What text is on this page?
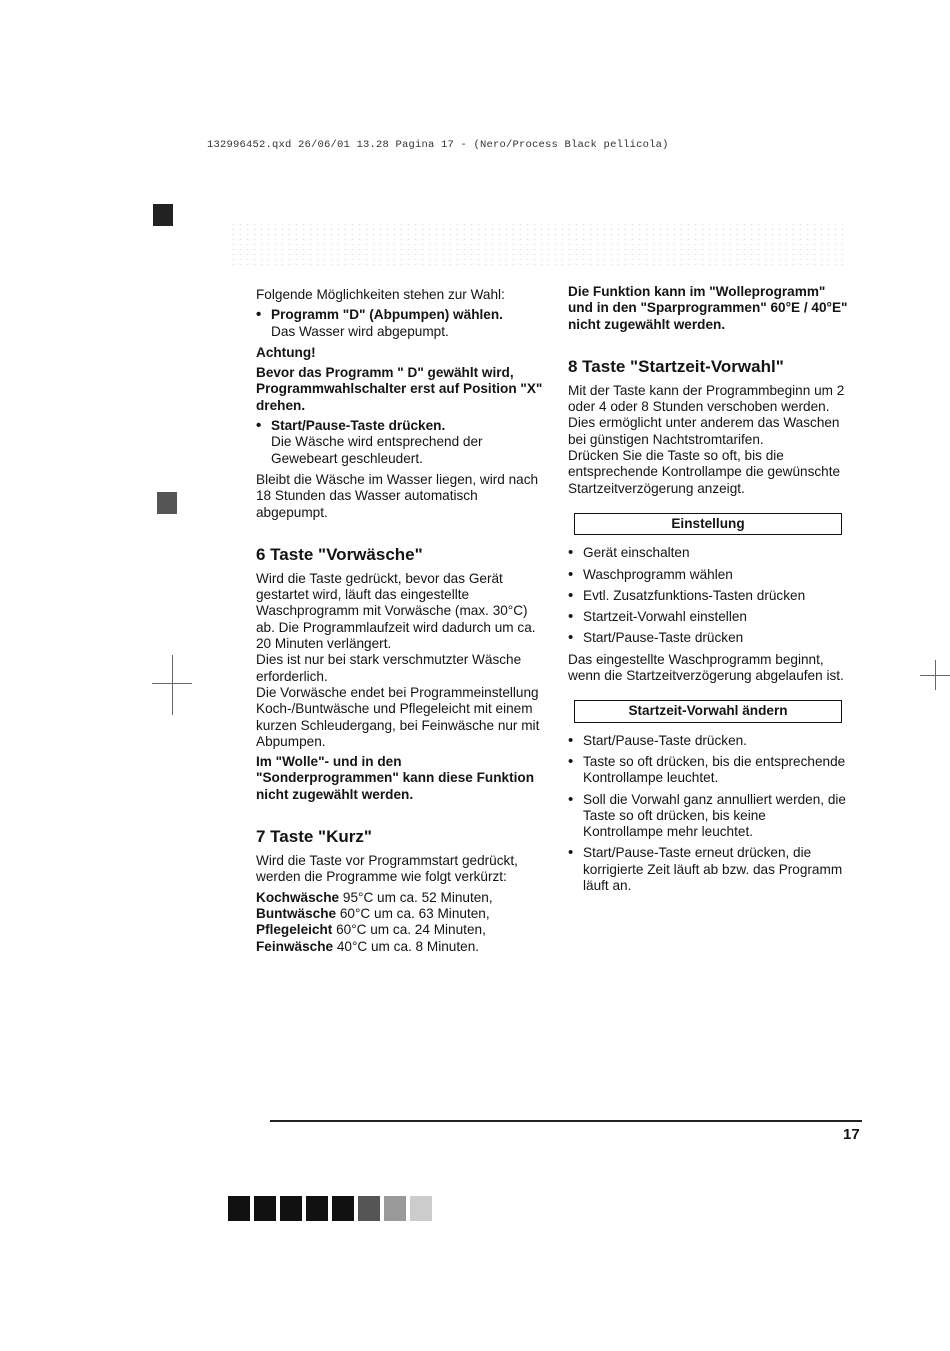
132996452.qxd 26/06/01 13.28 Pagina 17 - (Nero/Process Black pellicola)

Folgende Möglichkeiten stehen zur Wahl:

• Programm "D" (Abpumpen) wählen.
Das Wasser wird abgepumpt.

Achtung!

Bevor das Programm " D" gewählt wird, Programmwahlschalter erst auf Position "X" drehen.

• Start/Pause-Taste drücken.
Die Wäsche wird entsprechend der Gewebeart geschleudert.

Bleibt die Wäsche im Wasser liegen, wird nach 18 Stunden das Wasser automatisch abgepumpt.

6 Taste "Vorwäsche"

Wird die Taste gedrückt, bevor das Gerät gestartet wird, läuft das eingestellte Waschprogramm mit Vorwäsche (max. 30°C) ab. Die Programmlaufzeit wird dadurch um ca. 20 Minuten verlängert.

Dies ist nur bei stark verschmutzter Wäsche erforderlich.

Die Vorwäsche endet bei Programmeinstellung Koch-/Buntwäsche und Pflegeleicht mit einem kurzen Schleudergang, bei Feinwäsche nur mit Abpumpen.

Im "Wolle"- und in den "Sonderprogrammen" kann diese Funktion nicht zugewählt werden.

7 Taste "Kurz"

Wird die Taste vor Programmstart gedrückt, werden die Programme wie folgt verkürzt:

Kochwäsche 95°C um ca. 52 Minuten,

Buntwäsche 60°C um ca. 63 Minuten,

Pflegeleicht 60°C um ca. 24 Minuten,

Feinwäsche 40°C um ca. 8 Minuten.

Die Funktion kann im "Wolleprogramm" und in den "Sparprogrammen" 60°E / 40°E" nicht zugewählt werden.

8 Taste "Startzeit-Vorwahl"

Mit der Taste kann der Programmbeginn um 2 oder 4 oder 8 Stunden verschoben werden.

Dies ermöglicht unter anderem das Waschen bei günstigen Nachtstromtarifen.

Drücken Sie die Taste so oft, bis die entsprechende Kontrollampe die gewünschte Startzeitverzögerung anzeigt.

Einstellung
• Gerät einschalten
• Waschprogramm wählen
• Evtl. Zusatzfunktions-Tasten drücken
• Startzeit-Vorwahl einstellen
• Start/Pause-Taste drücken

Das eingestellte Waschprogramm beginnt, wenn die Startzeitverzögerung abgelaufen ist.

Startzeit-Vorwahl ändern
• Start/Pause-Taste drücken.
• Taste so oft drücken, bis die entsprechende Kontrollampe leuchtet.
• Soll die Vorwahl ganz annulliert werden, die Taste so oft drücken, bis keine Kontrollampe mehr leuchtet.
• Start/Pause-Taste erneut drücken, die korrigierte Zeit läuft ab bzw. das Programm läuft an.
17
